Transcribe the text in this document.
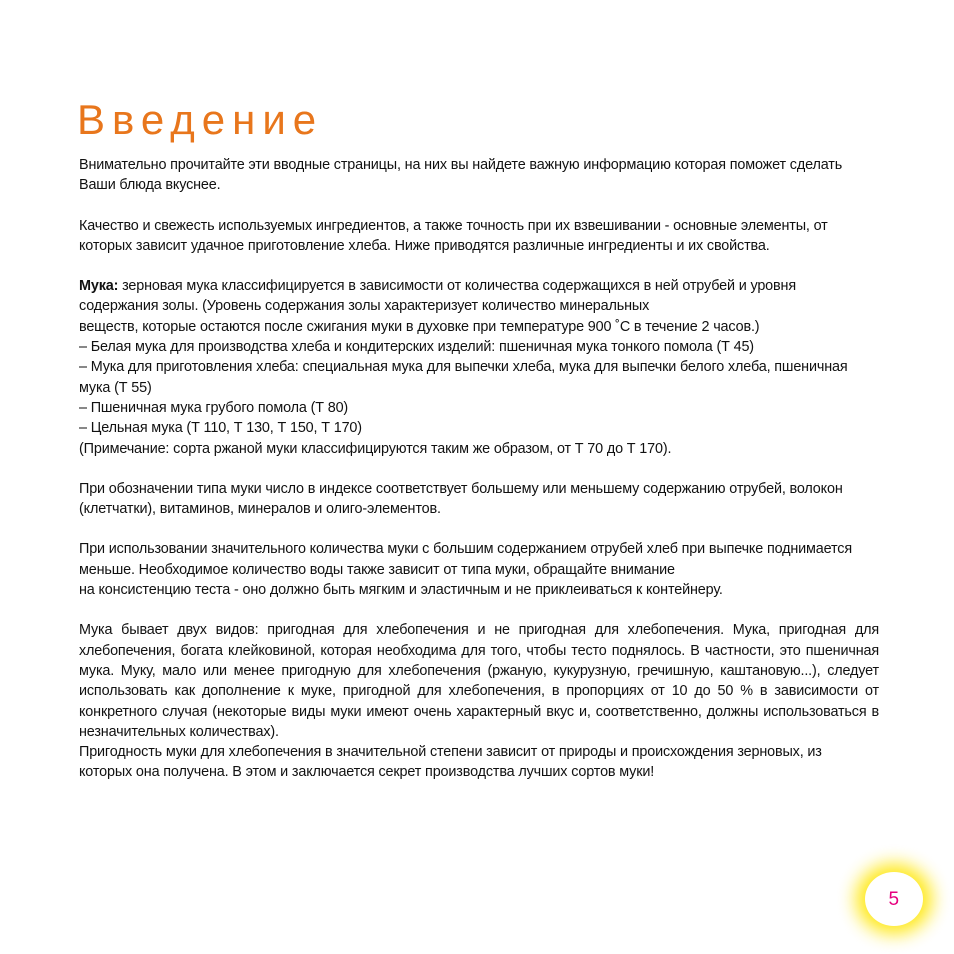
Введение

Внимательно прочитайте эти вводные страницы, на них вы найдете важную информацию которая поможет сделать
Ваши блюда вкуснее.

Качество и свежесть используемых ингредиентов, а также точность при их взвешивании - основные элементы, от
которых зависит удачное приготовление хлеба. Ниже приводятся различные ингредиенты и их свойства.

Мука: зерновая мука классифицируется в зависимости от количества содержащихся в ней отрубей и уровня
содержания золы. (Уровень содержания золы характеризует количество минеральных
веществ, которые остаются после сжигания муки в духовке при температуре 900 ˚C в течение 2 часов.)

– Белая мука для производства хлеба и кондитерских изделий: пшеничная мука тонкого помола (Т 45)
– Мука для приготовления хлеба: специальная мука для выпечки хлеба, мука для выпечки белого хлеба, пшеничная
мука (Т 55)
– Пшеничная мука грубого помола (Т 80)
– Цельная мука (Т 110, Т 130, Т 150, Т 170)

(Примечание: сорта ржаной муки классифицируются таким же образом, от Т 70 до Т 170).

При обозначении типа муки число в индексе соответствует большему или меньшему содержанию отрубей, волокон
(клетчатки), витаминов, минералов и олиго-элементов.

При использовании значительного количества муки с большим содержанием отрубей хлеб при выпечке поднимается
меньше. Необходимое количество воды также зависит от типа муки, обращайте внимание
на консистенцию теста - оно должно быть мягким и эластичным и не приклеиваться к контейнеру.

Мука бывает двух видов: пригодная для хлебопечения и не пригодная для хлебопечения. Мука, пригодная для хлебопечения, богата клейковиной, которая необходима для того, чтобы тесто поднялось. В частности, это пшеничная мука. Муку, мало или менее пригодную для хлебопечения (ржаную, кукурузную, гречишную, каштановую...), следует использовать как дополнение к муке, пригодной для хлебопечения, в пропорциях от 10 до 50 % в зависимости от конкретного случая (некоторые виды муки имеют очень характерный вкус и, соответственно, должны использоваться в незначительных количествах).

Пригодность муки для хлебопечения в значительной степени зависит от природы и происхождения зерновых, из
которых она получена. В этом и заключается секрет производства лучших сортов муки!

5
